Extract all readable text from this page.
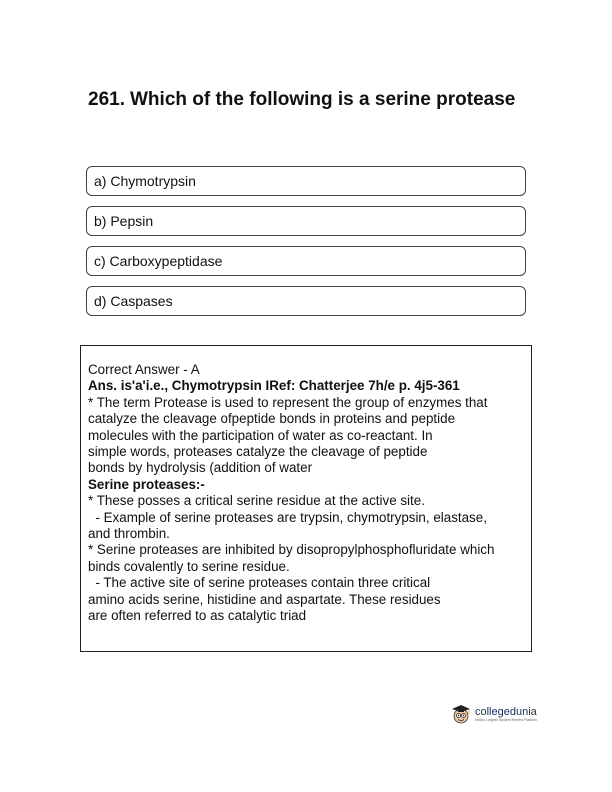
261. Which of the following is a serine protease
a) Chymotrypsin
b) Pepsin
c) Carboxypeptidase
d) Caspases
Correct Answer - A
Ans. is'a'i.e., Chymotrypsin IRef: Chatterjee 7h/e p. 4j5-361
* The term Protease is used to represent the group of enzymes that
catalyze the cleavage ofpeptide bonds in proteins and peptide
molecules with the participation of water as co-reactant. In
simple words, proteases catalyze the cleavage of peptide
bonds by hydrolysis (addition of water
Serine proteases:-
* These posses a critical serine residue at the active site.
- Example of serine proteases are trypsin, chymotrypsin, elastase,
and thrombin.
* Serine proteases are inhibited by disopropylphosphofluridate which
binds covalently to serine residue.
- The active site of serine proteases contain three critical
amino acids serine, histidine and aspartate. These residues
are often referred to as catalytic triad
collegedunia
India's Largest Student Review Platform
